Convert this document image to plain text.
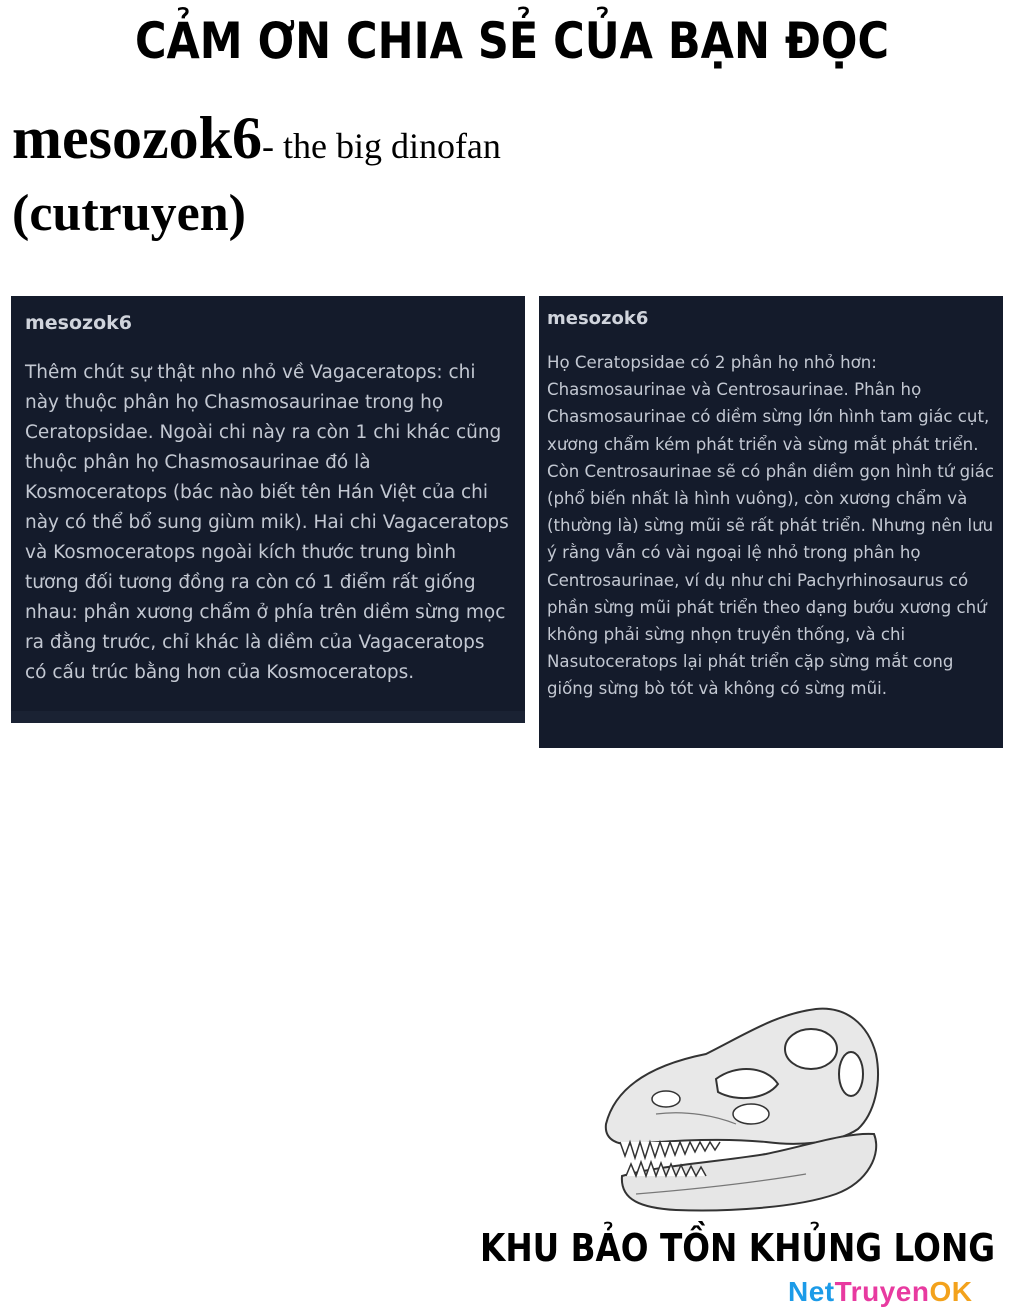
CẢM ƠN CHIA SẺ CỦA BẠN ĐỌC
mesozok6- the big dinofan
(cutruyen)
mesozok6
Thêm chút sự thật nho nhỏ về Vagaceratops: chi này thuộc phân họ Chasmosaurinae trong họ Ceratopsidae. Ngoài chi này ra còn 1 chi khác cũng thuộc phân họ Chasmosaurinae đó là Kosmoceratops (bác nào biết tên Hán Việt của chi này có thể bổ sung giùm mik). Hai chi Vagaceratops và Kosmoceratops ngoài kích thước trung bình tương đối tương đồng ra còn có 1 điểm rất giống nhau: phần xương chẩm ở phía trên diềm sừng mọc ra đằng trước, chỉ khác là diềm của Vagaceratops có cấu trúc bằng hơn của Kosmoceratops.
mesozok6
Họ Ceratopsidae có 2 phân họ nhỏ hơn: Chasmosaurinae và Centrosaurinae. Phân họ Chasmosaurinae có diềm sừng lớn hình tam giác cụt, xương chẩm kém phát triển và sừng mắt phát triển. Còn Centrosaurinae sẽ có phần diềm gọn hình tứ giác (phổ biến nhất là hình vuông), còn xương chẩm và (thường là) sừng mũi sẽ rất phát triển. Nhưng nên lưu ý rằng vẫn có vài ngoại lệ nhỏ trong phân họ Centrosaurinae, ví dụ như chi Pachyrhinosaurus có phần sừng mũi phát triển theo dạng bướu xương chứ không phải sừng nhọn truyền thống, và chi Nasutoceratops lại phát triển cặp sừng mắt cong giống sừng bò tót và không có sừng mũi.
KHU BẢO TỒN KHỦNG LONG
NetTruyenOK
